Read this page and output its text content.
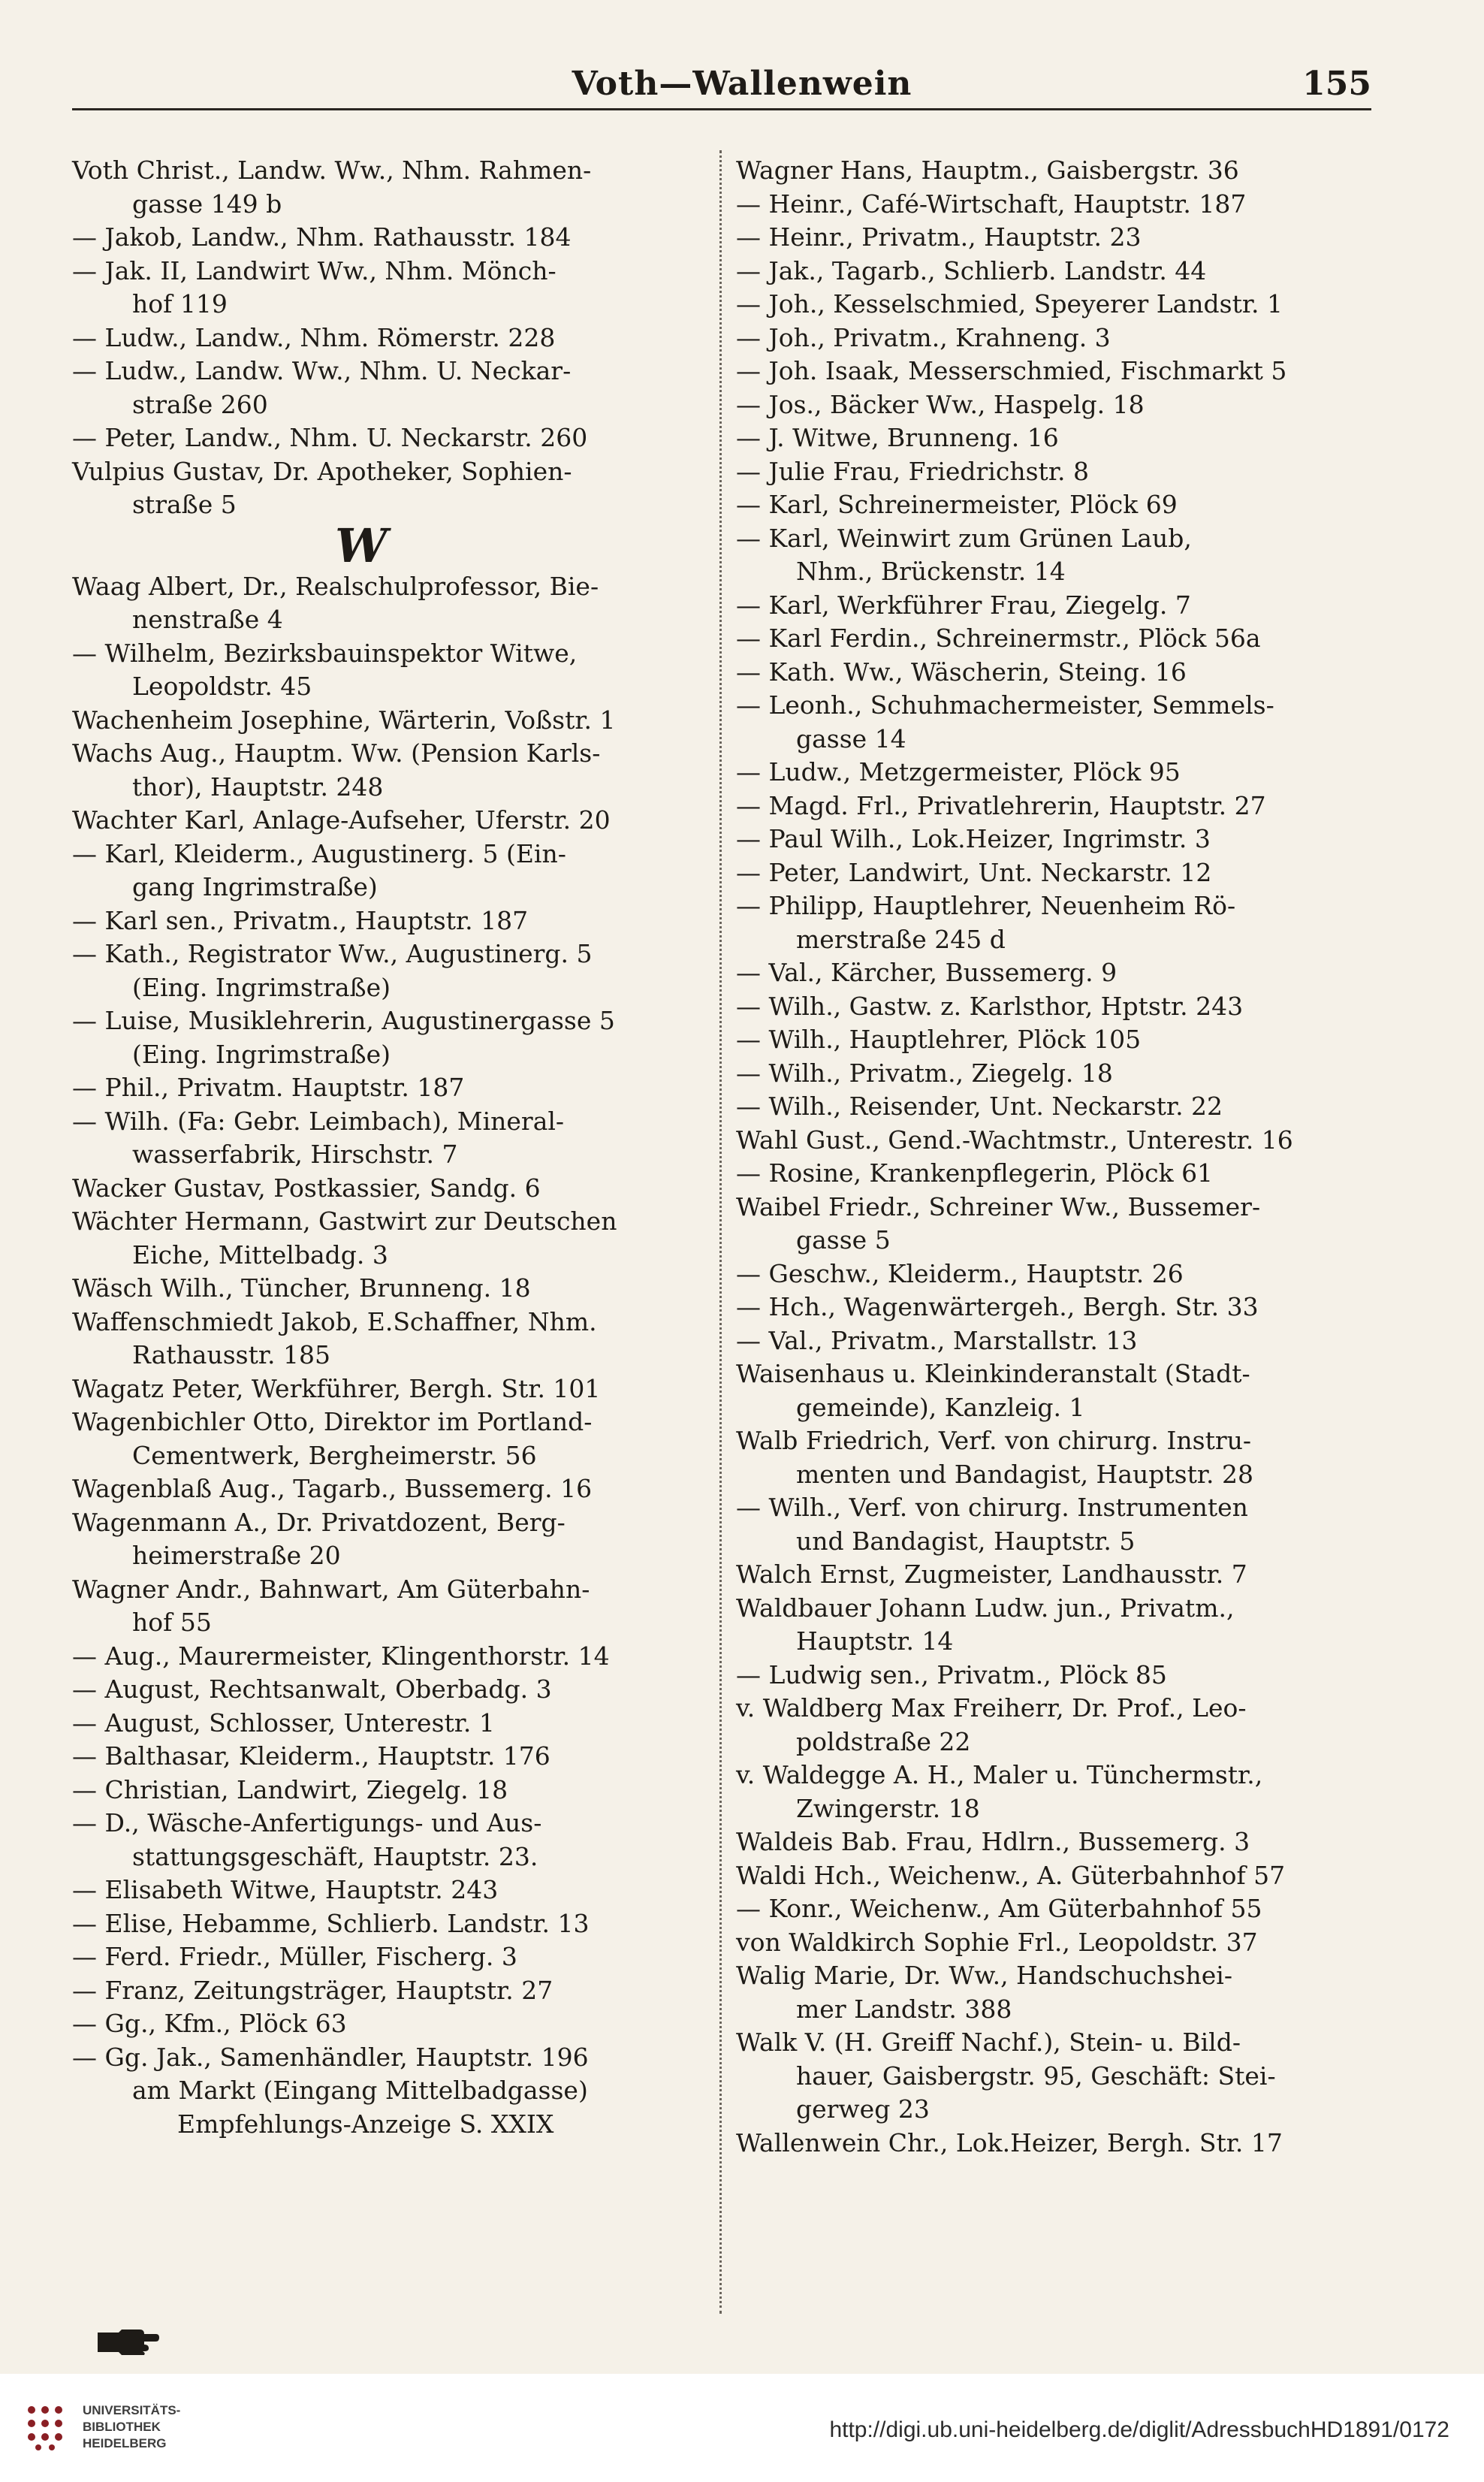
Voth—Wallenwein	155
Voth Christ., Landw. Ww., Nhm. Rahmen-
gasse 149 b
— Jakob, Landw., Nhm. Rathausstr. 184
— Jak. II, Landwirt Ww., Nhm. Mönch-
hof 119
— Ludw., Landw., Nhm. Römerstr. 228
— Ludw., Landw. Ww., Nhm. U. Neckar-
straße 260
— Peter, Landw., Nhm. U. Neckarstr. 260
Vulpius Gustav, Dr. Apotheker, Sophien-
straße 5
W
Waag Albert, Dr., Realschulprofessor, Bie-
nenstraße 4
— Wilhelm, Bezirksbauinspektor Witwe,
Leopoldstr. 45
Wachenheim Josephine, Wärterin, Voßstr. 1
Wachs Aug., Hauptm. Ww. (Pension Karls-
thor), Hauptstr. 248
Wachter Karl, Anlage-Aufseher, Uferstr. 20
— Karl, Kleiderm., Augustinerg. 5 (Ein-
gang Ingrimstraße)
— Karl sen., Privatm., Hauptstr. 187
— Kath., Registrator Ww., Augustinerg. 5
(Eing. Ingrimstraße)
— Luise, Musiklehrerin, Augustinergasse 5
(Eing. Ingrimstraße)
— Phil., Privatm. Hauptstr. 187
— Wilh. (Fa: Gebr. Leimbach), Mineral-
wasserfabrik, Hirschstr. 7
Wacker Gustav, Postkassier, Sandg. 6
Wächter Hermann, Gastwirt zur Deutschen
Eiche, Mittelbadg. 3
Wäsch Wilh., Tüncher, Brunneng. 18
Waffenschmiedt Jakob, E.Schaffner, Nhm.
Rathausstr. 185
Wagatz Peter, Werkführer, Bergh. Str. 101
Wagenbichler Otto, Direktor im Portland-
Cementwerk, Bergheimerstr. 56
Wagenblaß Aug., Tagarb., Bussemerg. 16
Wagenmann A., Dr. Privatdozent, Berg-
heimerstraße 20
Wagner Andr., Bahnwart, Am Güterbahn-
hof 55
— Aug., Maurermeister, Klingenthorstr. 14
— August, Rechtsanwalt, Oberbadg. 3
— August, Schlosser, Unterestr. 1
— Balthasar, Kleiderm., Hauptstr. 176
— Christian, Landwirt, Ziegelg. 18
— D., Wäsche-Anfertigungs- und Aus-
stattungsgeschäft, Hauptstr. 23.
— Elisabeth Witwe, Hauptstr. 243
— Elise, Hebamme, Schlierb. Landstr. 13
— Ferd. Friedr., Müller, Fischerg. 3
— Franz, Zeitungsträger, Hauptstr. 27
— Gg., Kfm., Plöck 63
— Gg. Jak., Samenhändler, Hauptstr. 196
am Markt (Eingang Mittelbadgasse)
Empfehlungs-Anzeige S. XXIX
Wagner Hans, Hauptm., Gaisbergstr. 36
— Heinr., Café-Wirtschaft, Hauptstr. 187
— Heinr., Privatm., Hauptstr. 23
— Jak., Tagarb., Schlierb. Landstr. 44
— Joh., Kesselschmied, Speyerer Landstr. 1
— Joh., Privatm., Krahneng. 3
— Joh. Isaak, Messerschmied, Fischmarkt 5
— Jos., Bäcker Ww., Haspelg. 18
— J. Witwe, Brunneng. 16
— Julie Frau, Friedrichstr. 8
— Karl, Schreinermeister, Plöck 69
— Karl, Weinwirt zum Grünen Laub,
Nhm., Brückenstr. 14
— Karl, Werkführer Frau, Ziegelg. 7
— Karl Ferdin., Schreinermstr., Plöck 56a
— Kath. Ww., Wäscherin, Steing. 16
— Leonh., Schuhmachermeister, Semmels-
gasse 14
— Ludw., Metzgermeister, Plöck 95
— Magd. Frl., Privatlehrerin, Hauptstr. 27
— Paul Wilh., Lok.Heizer, Ingrimstr. 3
— Peter, Landwirt, Unt. Neckarstr. 12
— Philipp, Hauptlehrer, Neuenheim Rö-
merstraße 245 d
— Val., Kärcher, Bussemerg. 9
— Wilh., Gastw. z. Karlsthor, Hptstr. 243
— Wilh., Hauptlehrer, Plöck 105
— Wilh., Privatm., Ziegelg. 18
— Wilh., Reisender, Unt. Neckarstr. 22
Wahl Gust., Gend.-Wachtmstr., Unterestr. 16
— Rosine, Krankenpflegerin, Plöck 61
Waibel Friedr., Schreiner Ww., Bussemer-
gasse 5
— Geschw., Kleiderm., Hauptstr. 26
— Hch., Wagenwärtergeh., Bergh. Str. 33
— Val., Privatm., Marstallstr. 13
Waisenhaus u. Kleinkinderanstalt (Stadt-
gemeinde), Kanzleig. 1
Walb Friedrich, Verf. von chirurg. Instru-
menten und Bandagist, Hauptstr. 28
— Wilh., Verf. von chirurg. Instrumenten
und Bandagist, Hauptstr. 5
Walch Ernst, Zugmeister, Landhausstr. 7
Waldbauer Johann Ludw. jun., Privatm.,
Hauptstr. 14
— Ludwig sen., Privatm., Plöck 85
v. Waldberg Max Freiherr, Dr. Prof., Leo-
poldstraße 22
v. Waldegge A. H., Maler u. Tünchermstr.,
Zwingerstr. 18
Waldeis Bab. Frau, Hdlrn., Bussemerg. 3
Waldi Hch., Weichenw., A. Güterbahnhof 57
— Konr., Weichenw., Am Güterbahnhof 55
von Waldkirch Sophie Frl., Leopoldstr. 37
Walig Marie, Dr. Ww., Handschuchshei-
mer Landstr. 388
Walk V. (H. Greiff Nachf.), Stein- u. Bild-
hauer, Gaisbergstr. 95, Geschäft: Stei-
gerweg 23
Wallenwein Chr., Lok.Heizer, Bergh. Str. 17
UNIVERSITÄTS-
BIBLIOTHEK
HEIDELBERG
http://digi.ub.uni-heidelberg.de/diglit/AdressbuchHD1891/0172
